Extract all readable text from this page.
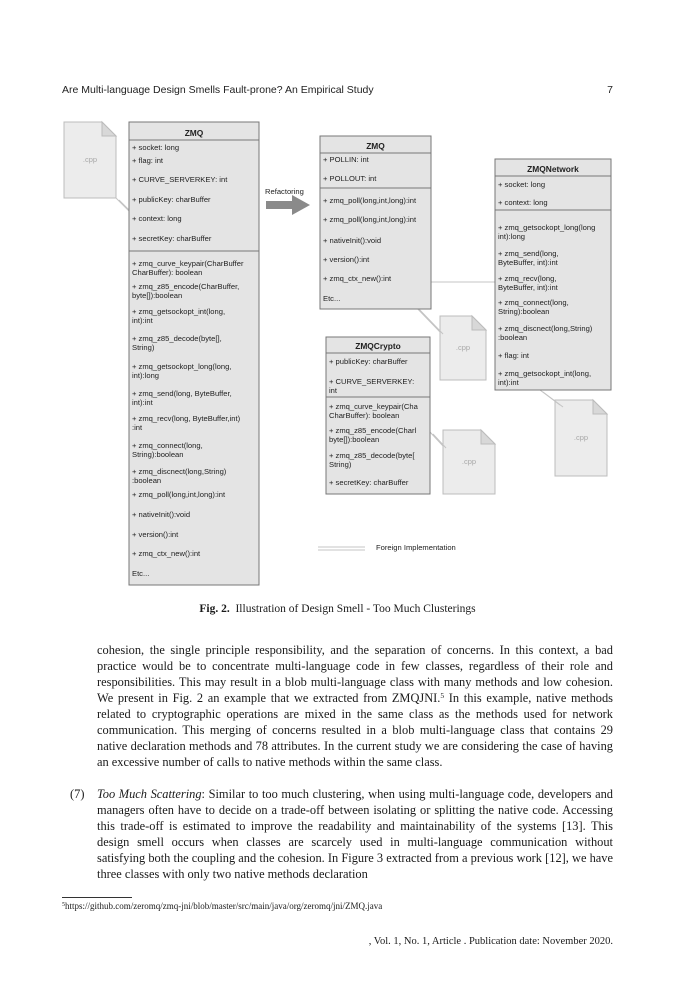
Are Multi-language Design Smells Fault-prone? An Empirical Study	7
.cpp
.cpp
.cpp
.cpp
Refactoring
Foreign Implementation
ZMQ
+ socket: long
+ flag: int
+ CURVE_SERVERKEY: int
+ publicKey: charBuffer
+ context: long
+ secretKey: charBuffer
+ zmq_curve_keypair(CharBuffer
CharBuffer): boolean
+ zmq_z85_encode(CharBuffer,
byte[]):boolean
+ zmq_getsockopt_int(long,
int):int
+ zmq_z85_decode(byte[],
String)
+ zmq_getsockopt_long(long,
int):long
+ zmq_send(long, ByteBuffer,
int):int
+ zmq_recv(long, ByteBuffer,int)
:int
+ zmq_connect(long,
String):boolean
+ zmq_discnect(long,String)
:boolean
+ zmq_poll(long,int,long):int
+ nativeInit():void
+ version():int
+ zmq_ctx_new():int
Etc...
ZMQ
+ POLLIN: int
+ POLLOUT: int
+ zmq_poll(long,int,long):int
+ zmq_poll(long,int,long):int
+ nativeInit():void
+ version():int
+ zmq_ctx_new():int
Etc...
ZMQNetwork
+ socket: long
+ context: long
+ zmq_getsockopt_long(long
int):long
+ zmq_send(long,
ByteBuffer, int):int
+ zmq_recv(long,
ByteBuffer, int):int
+ zmq_connect(long,
String):boolean
+ zmq_discnect(long,String)
:boolean
+ flag: int
+ zmq_getsockopt_int(long,
int):int
ZMQCrypto
+ publicKey: charBuffer
+ CURVE_SERVERKEY:
int
+ zmq_curve_keypair(Cha
CharBuffer): boolean
+ zmq_z85_encode(Charl
byte[]):boolean
+ zmq_z85_decode(byte[
String)
+ secretKey: charBuffer
Fig. 2. Illustration of Design Smell - Too Much Clusterings
cohesion, the single principle responsibility, and the separation of concerns. In this context, a bad practice would be to concentrate multi-language code in few classes, regardless of their role and responsibilities. This may result in a blob multi-language class with many methods and low cohesion. We present in Fig. 2 an example that we extracted from ZMQJNI.$^5$ In this example, native methods related to cryptographic operations are mixed in the same class as the methods used for network communication. This merging of concerns resulted in a blob multi-language class that contains 29 native declaration methods and 78 attributes. In the current study we are considering the case of having an excessive number of calls to native methods within the same class.
(7) Too Much Scattering: Similar to too much clustering, when using multi-language code, developers and managers often have to decide on a trade-off between isolating or splitting the native code. Accessing this trade-off is estimated to improve the readability and maintainability of the systems [13]. This design smell occurs when classes are scarcely used in multi-language communication without satisfying both the coupling and the cohesion. In Figure 3 extracted from a previous work [12], we have three classes with only two native methods declaration
$^5$https://github.com/zeromq/zmq-jni/blob/master/src/main/java/org/zeromq/jni/ZMQ.java
, Vol. 1, No. 1, Article . Publication date: November 2020.
